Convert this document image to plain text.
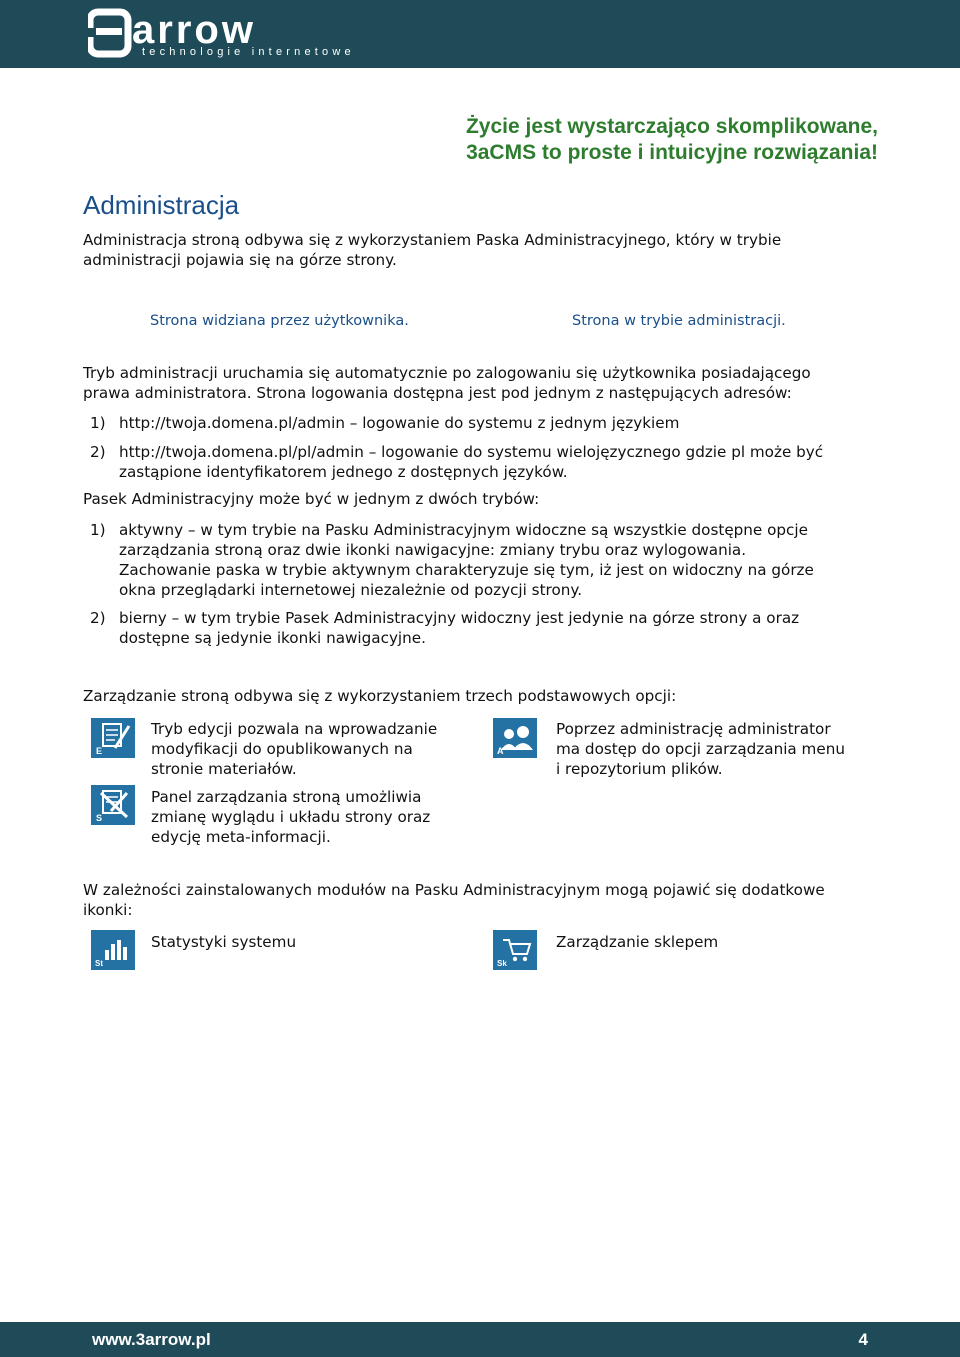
arrow
technologie internetowe
Życie jest wystarczająco skomplikowane,
3aCMS to proste i intuicyjne rozwiązania!
Administracja
Administracja stroną odbywa się z wykorzystaniem Paska Administracyjnego, który w trybie
administracji pojawia się na górze strony.
Strona widziana przez użytkownika.	Strona w trybie administracji.
Tryb administracji uruchamia się automatycznie po zalogowaniu się użytkownika posiadającego
prawa administratora. Strona logowania dostępna jest pod jednym z następujących adresów:
1) http://twoja.domena.pl/admin – logowanie do systemu z jednym językiem
2) http://twoja.domena.pl/pl/admin – logowanie do systemu wielojęzycznego gdzie pl może być
zastąpione identyfikatorem jednego z dostępnych języków.
Pasek Administracyjny może być w jednym z dwóch trybów:
1) aktywny – w tym trybie na Pasku Administracyjnym widoczne są wszystkie dostępne opcje
zarządzania stroną oraz dwie ikonki nawigacyjne: zmiany trybu oraz wylogowania.
Zachowanie paska w trybie aktywnym charakteryzuje się tym, iż jest on widoczny na górze
okna przeglądarki internetowej niezależnie od pozycji strony.
2) bierny – w tym trybie Pasek Administracyjny widoczny jest jedynie na górze strony a oraz
dostępne są jedynie ikonki nawigacyjne.
Zarządzanie stroną odbywa się z wykorzystaniem trzech podstawowych opcji:
E
Tryb edycji pozwala na wprowadzanie
modyfikacji do opublikowanych na
stronie materiałów.
A
Poprzez administrację administrator
ma dostęp do opcji zarządzania menu
i repozytorium plików.
S
Panel zarządzania stroną umożliwia
zmianę wyglądu i układu strony oraz
edycję meta-informacji.
W zależności zainstalowanych modułów na Pasku Administracyjnym mogą pojawić się dodatkowe
ikonki:
St
Statystyki systemu
Sk
Zarządzanie sklepem
www.3arrow.pl	4
